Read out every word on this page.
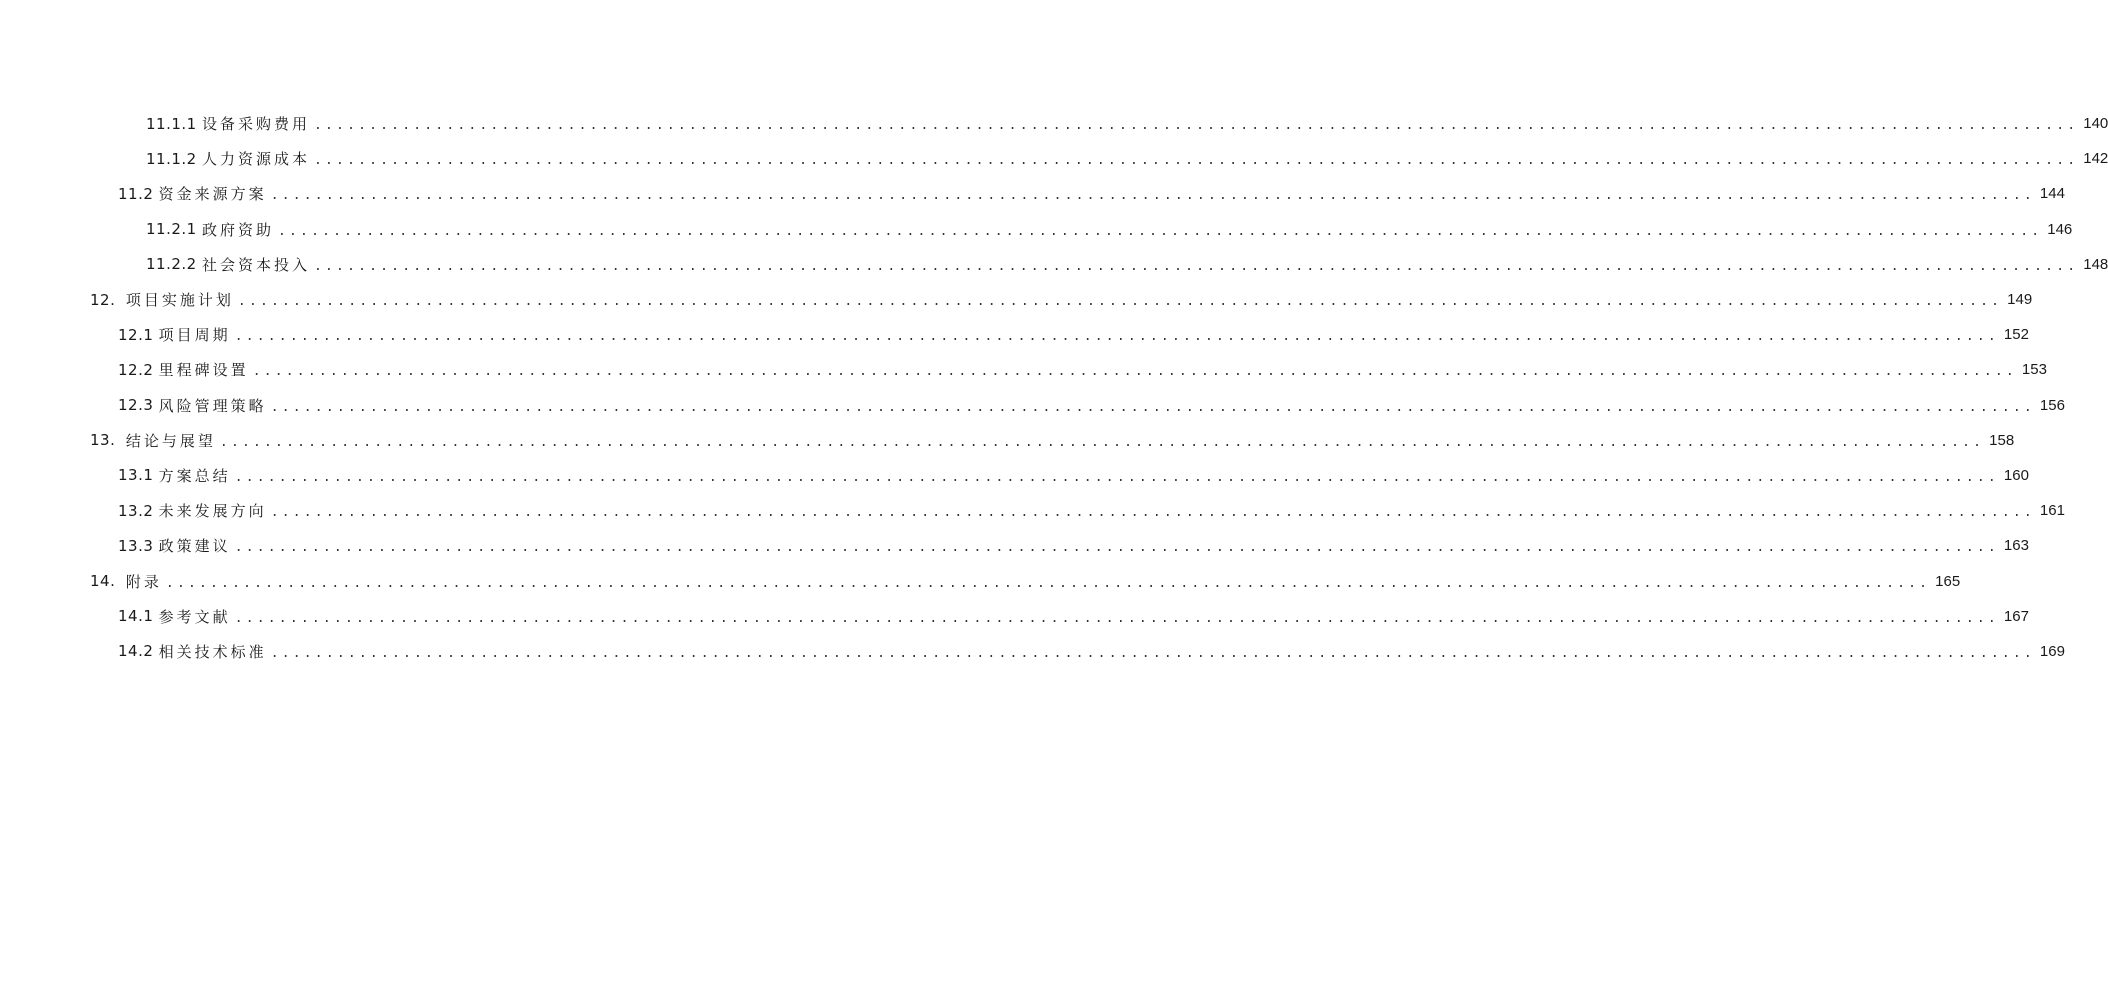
11.1.1 设备采购费用 ................................................................................................................................................................ 140
11.1.2 人力资源成本 ................................................................................................................................................................ 142
11.2 资金来源方案 ................................................................................................................................................................ 144
11.2.1 政府资助 ................................................................................................................................................................ 146
11.2.2 社会资本投入 ................................................................................................................................................................ 148
12. 项目实施计划 ................................................................................................................................................................ 149
12.1 项目周期 ................................................................................................................................................................ 152
12.2 里程碑设置 ................................................................................................................................................................ 153
12.3 风险管理策略 ................................................................................................................................................................ 156
13. 结论与展望 ................................................................................................................................................................ 158
13.1 方案总结 ................................................................................................................................................................ 160
13.2 未来发展方向 ................................................................................................................................................................ 161
13.3 政策建议 ................................................................................................................................................................ 163
14. 附录 ................................................................................................................................................................ 165
14.1 参考文献 ................................................................................................................................................................ 167
14.2 相关技术标准 ................................................................................................................................................................ 169
